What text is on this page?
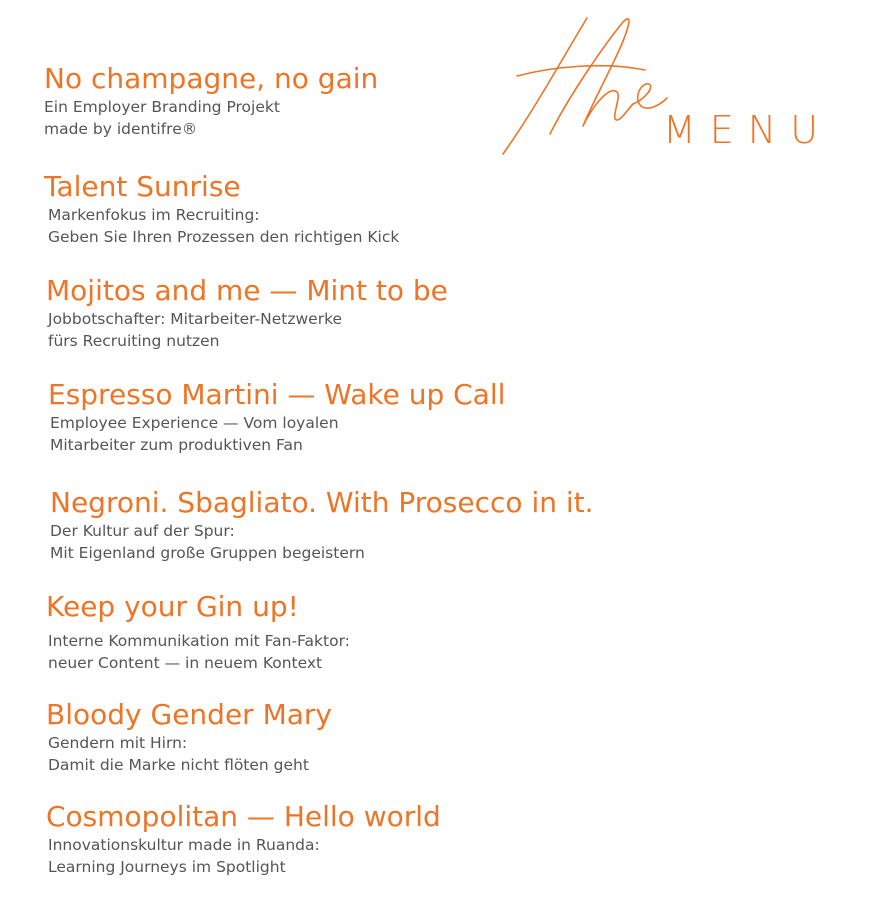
MENU
No champagne, no gain

Ein Employer Branding Projekt

made by identifre®

Talent Sunrise

Markenfokus im Recruiting:

Geben Sie Ihren Prozessen den richtigen Kick

Mojitos and me — Mint to be

Jobbotschafter: Mitarbeiter-Netzwerke

fürs Recruiting nutzen

Espresso Martini — Wake up Call

Employee Experience — Vom loyalen

Mitarbeiter zum produktiven Fan

Negroni. Sbagliato. With Prosecco in it.

Der Kultur auf der Spur:

Mit Eigenland große Gruppen begeistern

Keep your Gin up!

Interne Kommunikation mit Fan-Faktor:

neuer Content — in neuem Kontext

Bloody Gender Mary

Gendern mit Hirn:

Damit die Marke nicht flöten geht

Cosmopolitan — Hello world

Innovationskultur made in Ruanda:

Learning Journeys im Spotlight
